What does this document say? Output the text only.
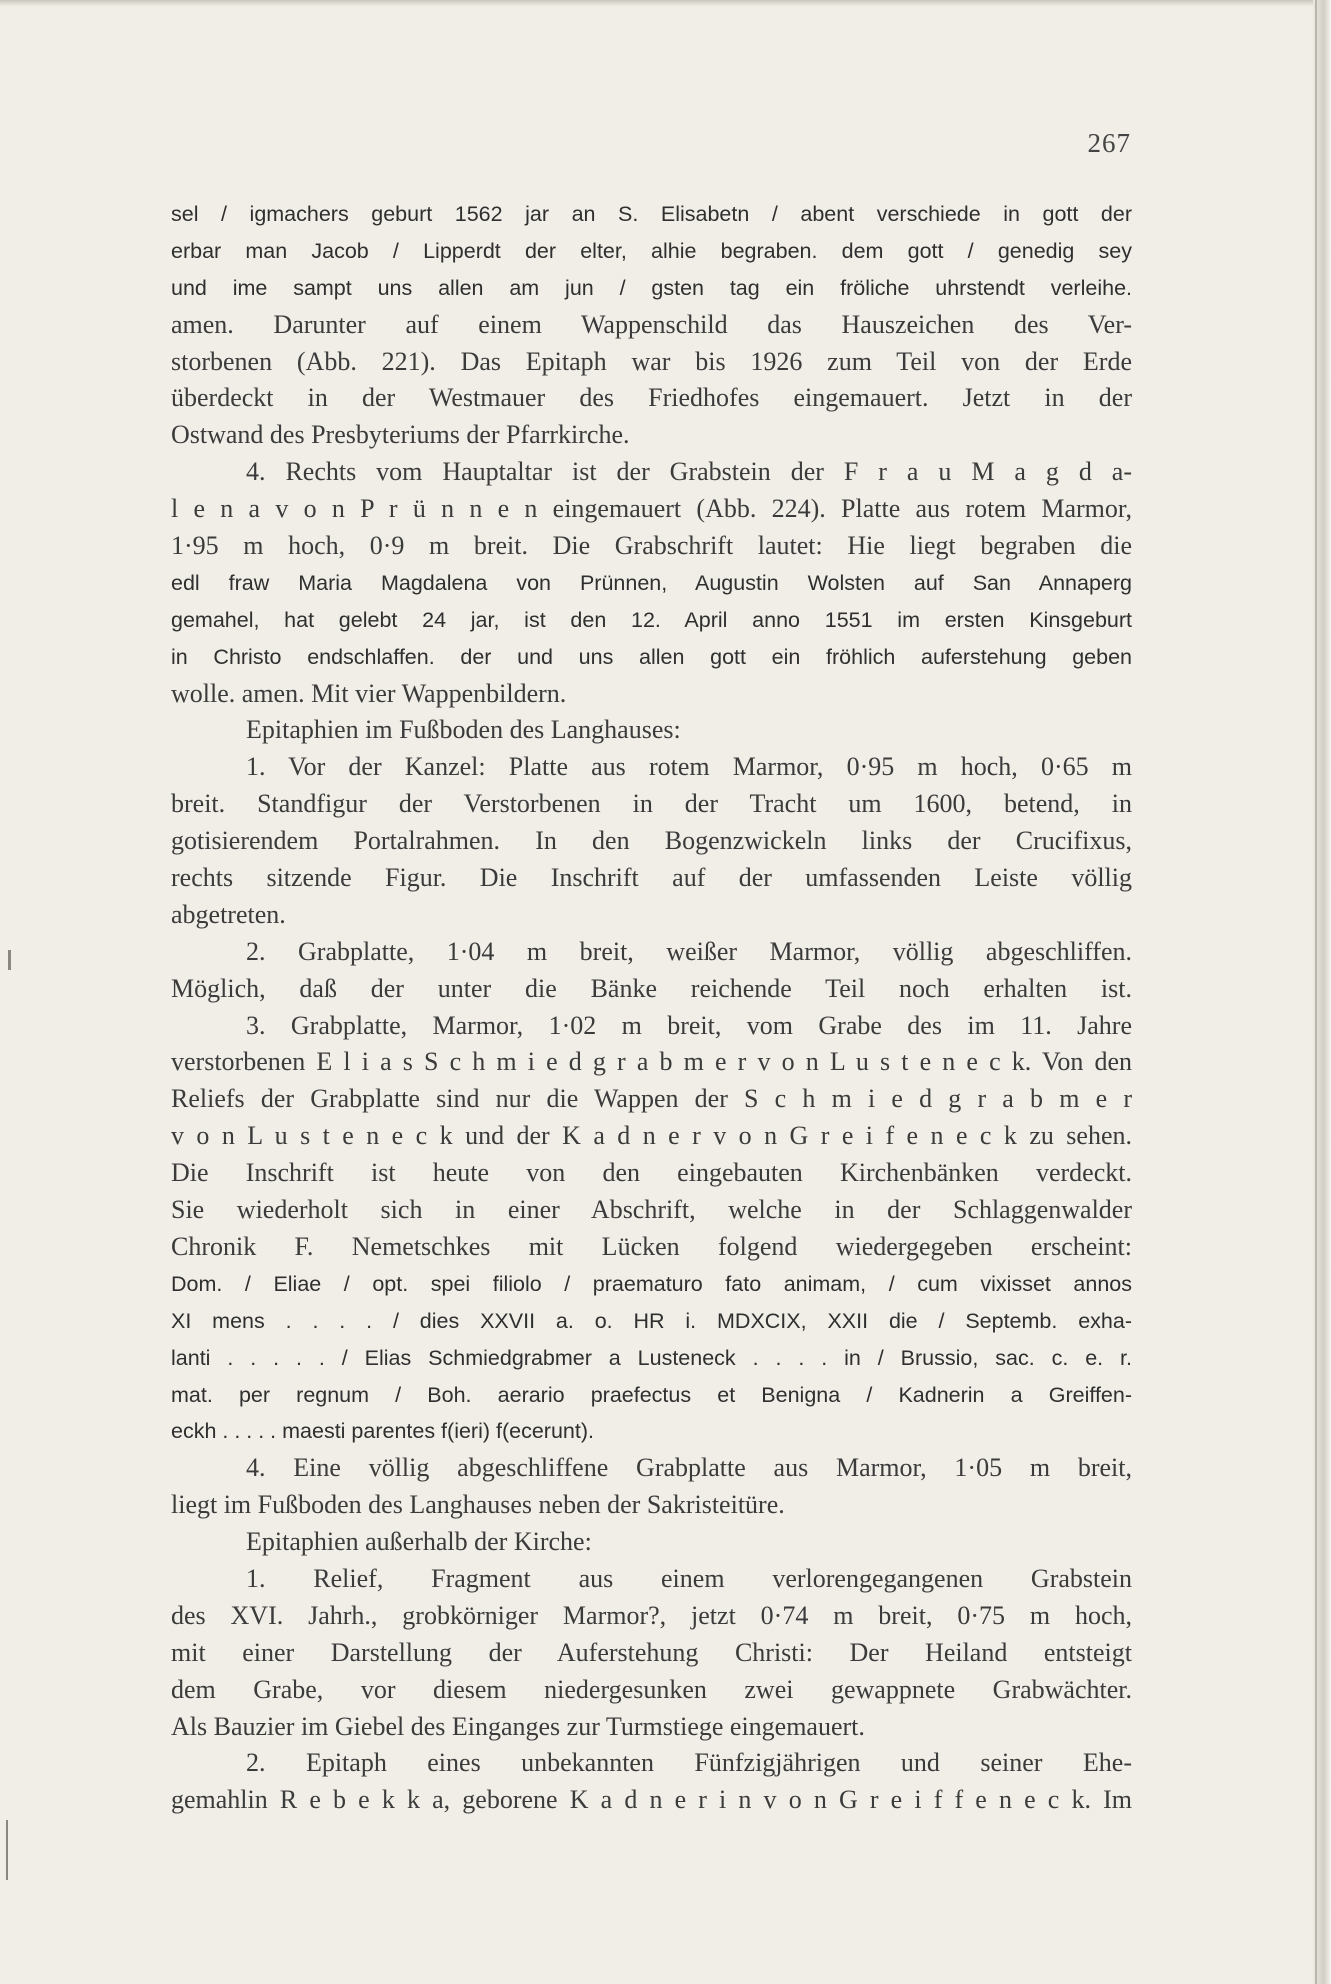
267
sel / igmachers geburt 1562 jar an S. Elisabetn / abent verschiede in gott der
erbar man Jacob / Lipperdt der elter, alhie begraben. dem gott / genedig sey
und ime sampt uns allen am jun / gsten tag ein fröliche uhrstendt verleihe.
amen. Darunter auf einem Wappenschild das Hauszeichen des Ver-
storbenen (Abb. 221). Das Epitaph war bis 1926 zum Teil von der Erde
überdeckt in der Westmauer des Friedhofes eingemauert. Jetzt in der
Ostwand des Presbyteriums der Pfarrkirche.
4. Rechts vom Hauptaltar ist der Grabstein der F r a u M a g d a-
l e n a v o n P r ü n n e n eingemauert (Abb. 224). Platte aus rotem Marmor,
1·95 m hoch, 0·9 m breit. Die Grabschrift lautet: Hie liegt begraben die
edl fraw Maria Magdalena von Prünnen, Augustin Wolsten auf San Annaperg
gemahel, hat gelebt 24 jar, ist den 12. April anno 1551 im ersten Kinsgeburt
in Christo endschlaffen. der und uns allen gott ein fröhlich auferstehung geben
wolle. amen. Mit vier Wappenbildern.
Epitaphien im Fußboden des Langhauses:
1. Vor der Kanzel: Platte aus rotem Marmor, 0·95 m hoch, 0·65 m
breit. Standfigur der Verstorbenen in der Tracht um 1600, betend, in
gotisierendem Portalrahmen. In den Bogenzwickeln links der Crucifixus,
rechts sitzende Figur. Die Inschrift auf der umfassenden Leiste völlig
abgetreten.
2. Grabplatte, 1·04 m breit, weißer Marmor, völlig abgeschliffen.
Möglich, daß der unter die Bänke reichende Teil noch erhalten ist.
3. Grabplatte, Marmor, 1·02 m breit, vom Grabe des im 11. Jahre
verstorbenen E l i a s S c h m i e d g r a b m e r v o n L u s t e n e c k. Von den
Reliefs der Grabplatte sind nur die Wappen der S c h m i e d g r a b m e r
v o n L u s t e n e c k und der K a d n e r v o n G r e i f e n e c k zu sehen.
Die Inschrift ist heute von den eingebauten Kirchenbänken verdeckt.
Sie wiederholt sich in einer Abschrift, welche in der Schlaggenwalder
Chronik F. Nemetschkes mit Lücken folgend wiedergegeben erscheint:
Dom. / Eliae / opt. spei filiolo / praematuro fato animam, / cum vixisset annos
XI mens . . . . / dies XXVII a. o. HR i. MDXCIX, XXII die / Septemb. exha-
lanti . . . . . / Elias Schmiedgrabmer a Lusteneck . . . . in / Brussio, sac. c. e. r.
mat. per regnum / Boh. aerario praefectus et Benigna / Kadnerin a Greiffen-
eckh . . . . . maesti parentes f(ieri) f(ecerunt).
4. Eine völlig abgeschliffene Grabplatte aus Marmor, 1·05 m breit,
liegt im Fußboden des Langhauses neben der Sakristeitüre.
Epitaphien außerhalb der Kirche:
1. Relief, Fragment aus einem verlorengegangenen Grabstein
des XVI. Jahrh., grobkörniger Marmor?, jetzt 0·74 m breit, 0·75 m hoch,
mit einer Darstellung der Auferstehung Christi: Der Heiland entsteigt
dem Grabe, vor diesem niedergesunken zwei gewappnete Grabwächter.
Als Bauzier im Giebel des Einganges zur Turmstiege eingemauert.
2. Epitaph eines unbekannten Fünfzigjährigen und seiner Ehe-
gemahlin R e b e k k a, geborene K a d n e r i n v o n G r e i f f e n e c k. Im
